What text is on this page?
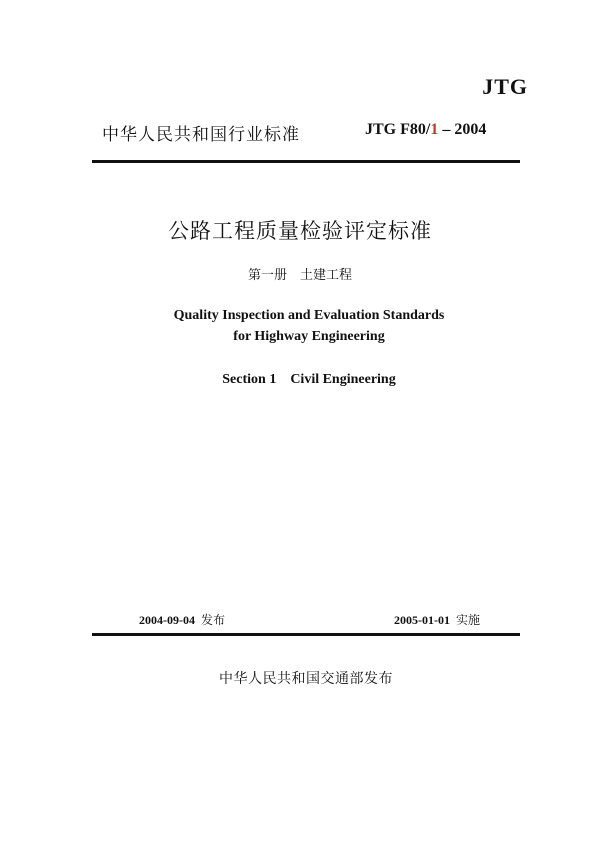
JTG
中华人民共和国行业标准	JTG F80/1 – 2004
公路工程质量检验评定标准
第一册　土建工程
Quality Inspection and Evaluation Standards
for Highway Engineering
Section 1　Civil Engineering
2004-09-04 发布	2005-01-01 实施
中华人民共和国交通部发布
